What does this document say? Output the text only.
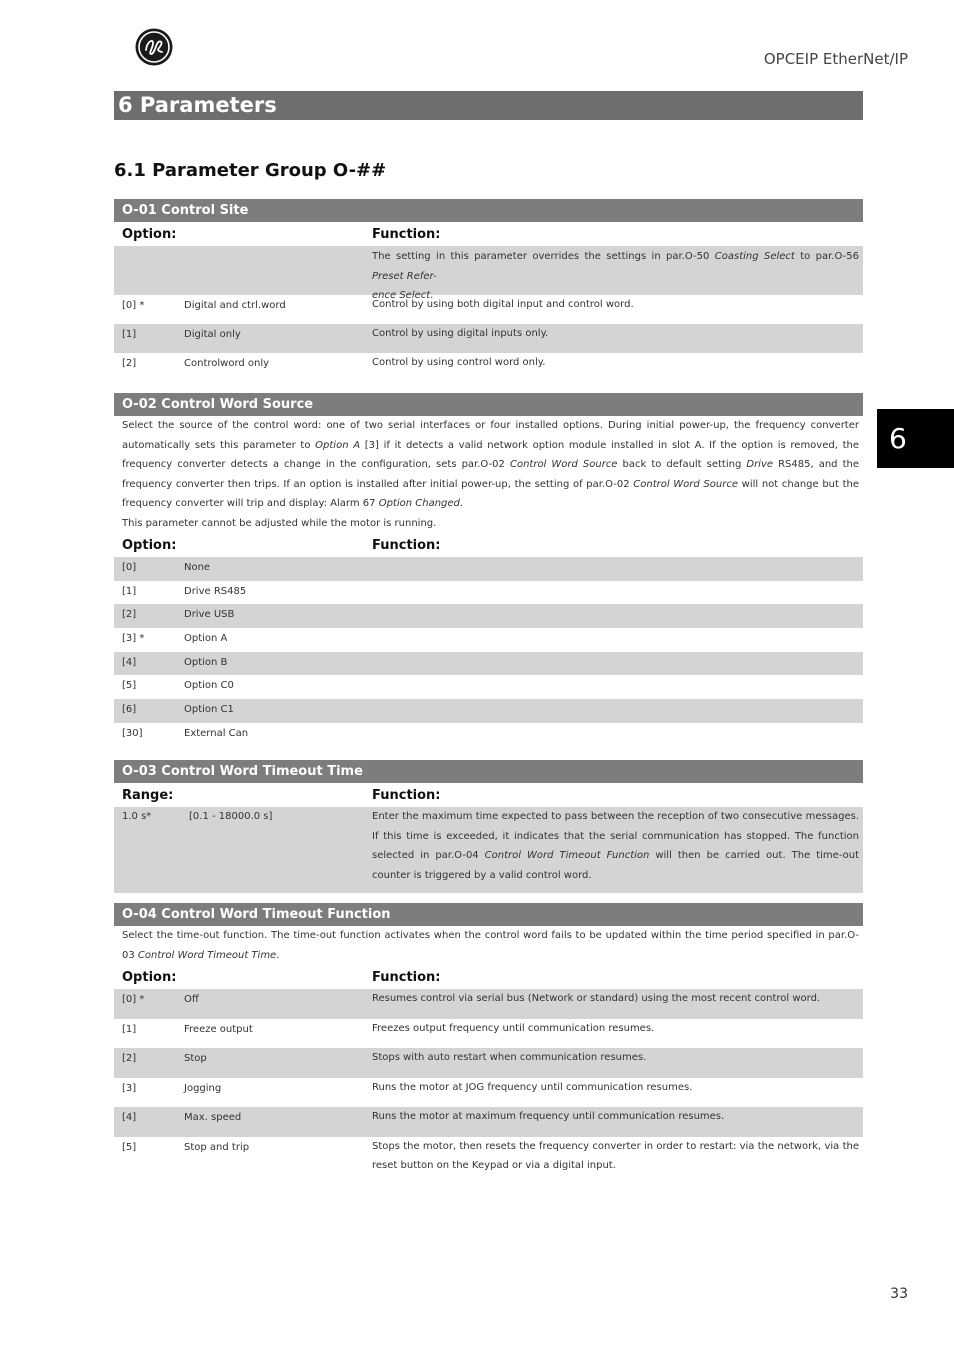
OPCEIP EtherNet/IP
6 Parameters
6.1 Parameter Group O-##
6
O-01 Control Site
Option:	Function:
The setting in this parameter overrides the settings in par.O-50 Coasting Select to par.O-56 Preset Refer-
ence Select.
[0] *	Digital and ctrl.word	Control by using both digital input and control word.
[1]	Digital only	Control by using digital inputs only.
[2]	Controlword only	Control by using control word only.
O-02 Control Word Source

Select the source of the control word: one of two serial interfaces or four installed options. During initial power-up, the frequency converter automatically sets this parameter to Option A [3] if it detects a valid network option module installed in slot A. If the option is removed, the frequency converter detects a change in the configuration, sets par.O-02 Control Word Source back to default setting Drive RS485, and the frequency converter then trips. If an option is installed after initial power-up, the setting of par.O-02 Control Word Source will not change but the frequency converter will trip and display: Alarm 67 Option Changed.

This parameter cannot be adjusted while the motor is running.

Option:	Function:
[0]	None
[1]	Drive RS485
[2]	Drive USB
[3] *	Option A
[4]	Option B
[5]	Option C0
[6]	Option C1
[30]	External Can
O-03 Control Word Timeout Time
Range:	Function:
1.0 s*	[0.1 - 18000.0 s]	Enter the maximum time expected to pass between the reception of two consecutive messages. If this time is exceeded, it indicates that the serial communication has stopped. The function selected in par.O-04 Control Word Timeout Function will then be carried out. The time-out counter is triggered by a valid control word.
O-04 Control Word Timeout Function

Select the time-out function. The time-out function activates when the control word fails to be updated within the time period specified in par.O-03 Control Word Timeout Time.

Option:	Function:
[0] *	Off	Resumes control via serial bus (Network or standard) using the most recent control word.
[1]	Freeze output	Freezes output frequency until communication resumes.
[2]	Stop	Stops with auto restart when communication resumes.
[3]	Jogging	Runs the motor at JOG frequency until communication resumes.
[4]	Max. speed	Runs the motor at maximum frequency until communication resumes.
[5]	Stop and trip	Stops the motor, then resets the frequency converter in order to restart: via the network, via the reset button on the Keypad or via a digital input.
33
